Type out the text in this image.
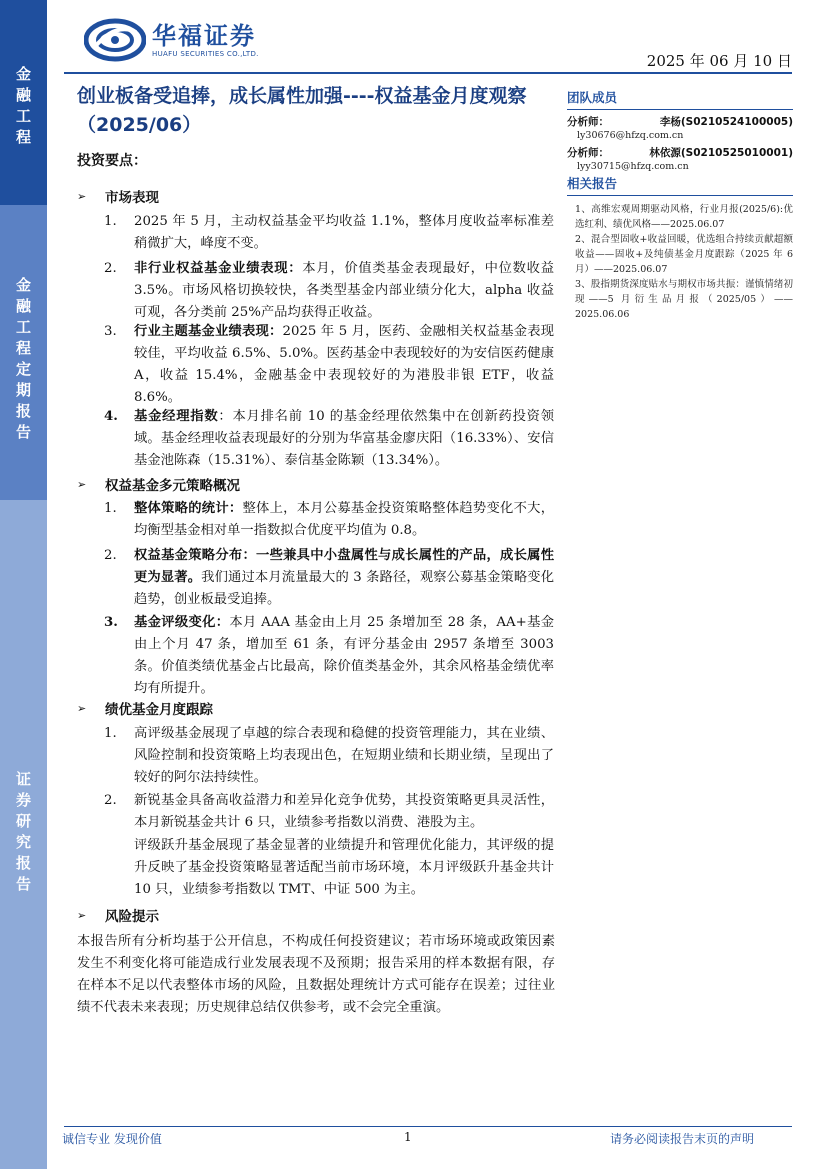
金融工程
金融工程定期报告
证券研究报告
华福证券
HUAFU SECURITIES CO.,LTD.	2025 年 06 月 10 日
创业板备受追捧，成长属性加强----权益基金月度观察（2025/06）
投资要点：
➢	市场表现
1.	2025 年 5 月，主动权益基金平均收益 1.1%，整体月度收益率标准差稍微扩大，峰度不变。
2.	非行业权益基金业绩表现：本月，价值类基金表现最好，中位数收益 3.5%。市场风格切换较快，各类型基金内部业绩分化大，alpha 收益可观，各分类前 25%产品均获得正收益。
3.	行业主题基金业绩表现：2025 年 5 月，医药、金融相关权益基金表现较佳，平均收益 6.5%、5.0%。医药基金中表现较好的为安信医药健康 A，收益 15.4%，金融基金中表现较好的为港股非银 ETF，收益 8.6%。
4.	基金经理指数：本月排名前 10 的基金经理依然集中在创新药投资领域。基金经理收益表现最好的分别为华富基金廖庆阳（16.33%）、安信基金池陈森（15.31%）、泰信基金陈颖（13.34%）。
➢	权益基金多元策略概况
1.	整体策略的统计：整体上，本月公募基金投资策略整体趋势变化不大，均衡型基金相对单一指数拟合优度平均值为 0.8。
2.	权益基金策略分布：一些兼具中小盘属性与成长属性的产品，成长属性更为显著。我们通过本月流量最大的 3 条路径，观察公募基金策略变化趋势，创业板最受追捧。
3.	基金评级变化：本月 AAA 基金由上月 25 条增加至 28 条，AA+基金由上个月 47 条，增加至 61 条，有评分基金由 2957 条增至 3003 条。价值类绩优基金占比最高，除价值类基金外，其余风格基金绩优率均有所提升。
➢	绩优基金月度跟踪
1.	高评级基金展现了卓越的综合表现和稳健的投资管理能力，其在业绩、风险控制和投资策略上均表现出色，在短期业绩和长期业绩，呈现出了较好的阿尔法持续性。
2.	新锐基金具备高收益潜力和差异化竞争优势，其投资策略更具灵活性，本月新锐基金共计 6 只，业绩参考指数以消费、港股为主。
评级跃升基金展现了基金显著的业绩提升和管理优化能力，其评级的提升反映了基金投资策略显著适配当前市场环境，本月评级跃升基金共计 10 只，业绩参考指数以 TMT、中证 500 为主。
➢	风险提示
本报告所有分析均基于公开信息，不构成任何投资建议；若市场环境或政策因素发生不利变化将可能造成行业发展表现不及预期；报告采用的样本数据有限，存在样本不足以代表整体市场的风险，且数据处理统计方式可能存在误差；过往业绩不代表未来表现；历史规律总结仅供参考，或不会完全重演。
团队成员
分析师：	李杨(S0210524100005)
ly30676@hfzq.com.cn
分析师：	林依源(S0210525010001)
lyy30715@hfzq.com.cn
相关报告
1、高维宏观周期驱动风格，行业月报(2025/6):优选红利、绩优风格——2025.06.07
2、混合型固收+收益回暖，优选组合持续贡献超额收益——固收+及纯债基金月度跟踪（2025 年 6 月）——2025.06.07
3、股指期货深度贴水与期权市场共振：谨慎情绪初现——5 月衍生品月报（2025/05）——2025.06.06
诚信专业 发现价值	1	请务必阅读报告末页的声明
